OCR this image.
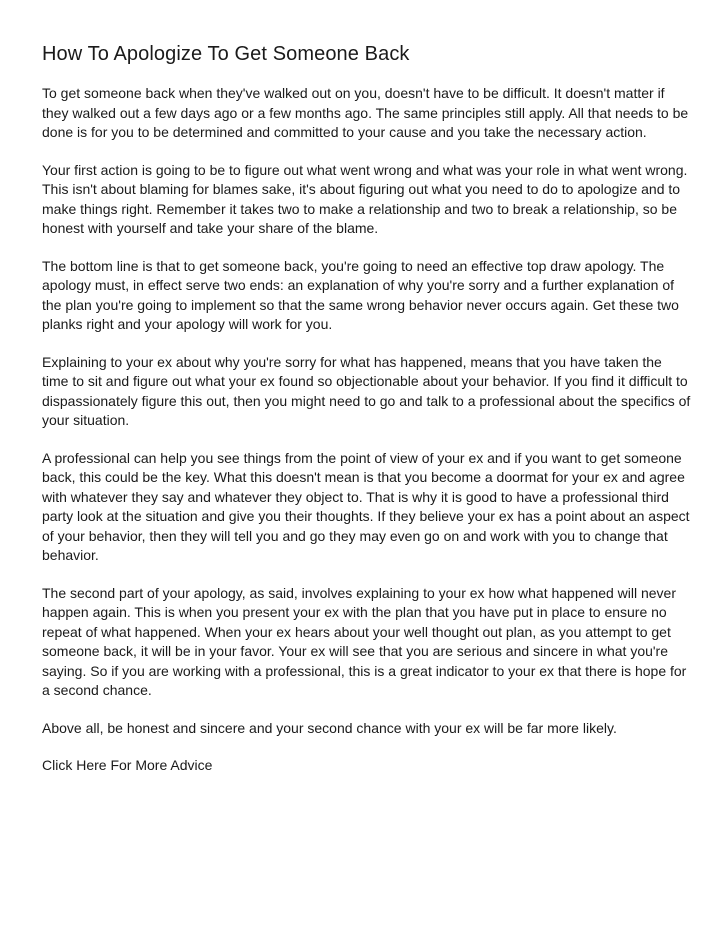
How To Apologize To Get Someone Back

To get someone back when they've walked out on you, doesn't have to be difficult. It doesn't matter if they walked out a few days ago or a few months ago. The same principles still apply. All that needs to be done is for you to be determined and committed to your cause and you take the necessary action.

Your first action is going to be to figure out what went wrong and what was your role in what went wrong. This isn't about blaming for blames sake, it's about figuring out what you need to do to apologize and to make things right. Remember it takes two to make a relationship and two to break a relationship, so be honest with yourself and take your share of the blame.

The bottom line is that to get someone back, you're going to need an effective top draw apology. The apology must, in effect serve two ends: an explanation of why you're sorry and a further explanation of the plan you're going to implement so that the same wrong behavior never occurs again. Get these two planks right and your apology will work for you.

Explaining to your ex about why you're sorry for what has happened, means that you have taken the time to sit and figure out what your ex found so objectionable about your behavior. If you find it difficult to dispassionately figure this out, then you might need to go and talk to a professional about the specifics of your situation.

A professional can help you see things from the point of view of your ex and if you want to get someone back, this could be the key. What this doesn't mean is that you become a doormat for your ex and agree with whatever they say and whatever they object to. That is why it is good to have a professional third party look at the situation and give you their thoughts. If they believe your ex has a point about an aspect of your behavior, then they will tell you and go they may even go on and work with you to change that behavior.

The second part of your apology, as said, involves explaining to your ex how what happened will never happen again. This is when you present your ex with the plan that you have put in place to ensure no repeat of what happened. When your ex hears about your well thought out plan, as you attempt to get someone back, it will be in your favor. Your ex will see that you are serious and sincere in what you're saying. So if you are working with a professional, this is a great indicator to your ex that there is hope for a second chance.

Above all, be honest and sincere and your second chance with your ex will be far more likely.

Click Here For More Advice
